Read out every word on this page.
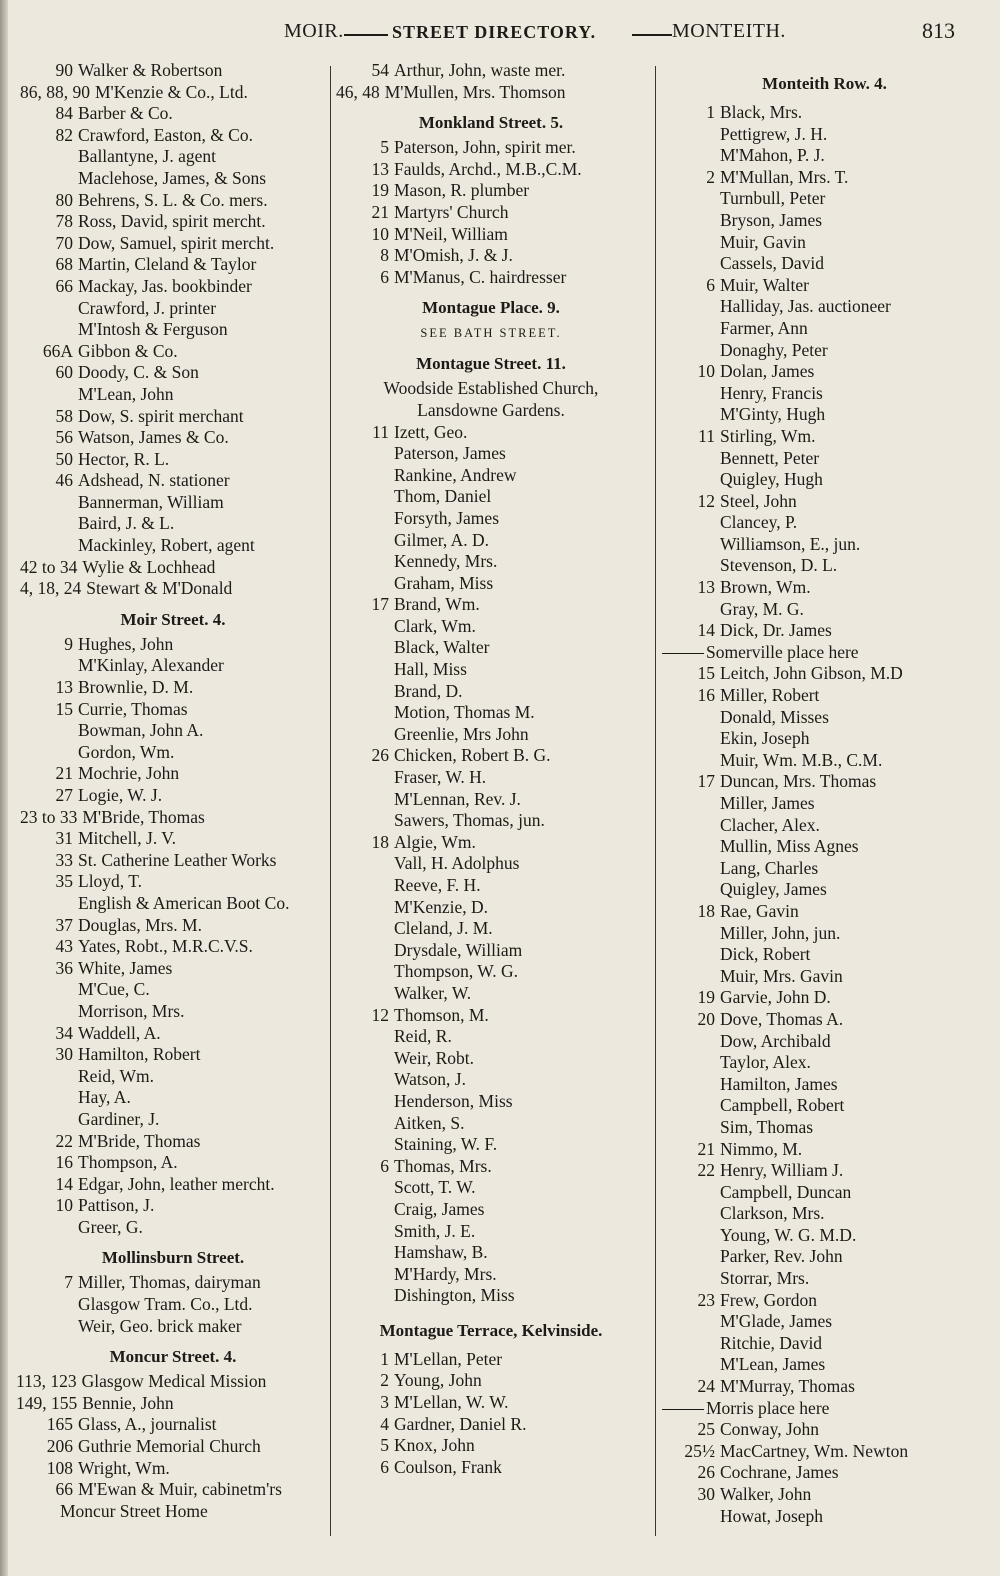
MOIR.	STREET DIRECTORY.	MONTEITH.	813
90 Walker & Robertson
86, 88, 90 M'Kenzie & Co., Ltd.
84 Barber & Co.
82 Crawford, Easton, & Co.
Ballantyne, J. agent
Maclehose, James, & Sons
80 Behrens, S. L. & Co. mers.
78 Ross, David, spirit mercht.
70 Dow, Samuel, spirit mercht.
68 Martin, Cleland & Taylor
66 Mackay, Jas. bookbinder
Crawford, J. printer
M'Intosh & Ferguson
66A Gibbon & Co.
60 Doody, C. & Son
M'Lean, John
58 Dow, S. spirit merchant
56 Watson, James & Co.
50 Hector, R. L.
46 Adshead, N. stationer
Bannerman, William
Baird, J. & L.
Mackinley, Robert, agent
42 to 34 Wylie & Lochhead
4, 18, 24 Stewart & M'Donald
Moir Street. 4.
9 Hughes, John
M'Kinlay, Alexander
13 Brownlie, D. M.
15 Currie, Thomas
Bowman, John A.
Gordon, Wm.
21 Mochrie, John
27 Logie, W. J.
23 to 33 M'Bride, Thomas
31 Mitchell, J. V.
33 St. Catherine Leather Works
35 Lloyd, T.
English & American Boot Co.
37 Douglas, Mrs. M.
43 Yates, Robt., M.R.C.V.S.
36 White, James
M'Cue, C.
Morrison, Mrs.
34 Waddell, A.
30 Hamilton, Robert
Reid, Wm.
Hay, A.
Gardiner, J.
22 M'Bride, Thomas
16 Thompson, A.
14 Edgar, John, leather mercht.
10 Pattison, J.
Greer, G.
Mollinsburn Street.
7 Miller, Thomas, dairyman
Glasgow Tram. Co., Ltd.
Weir, Geo. brick maker
Moncur Street. 4.
113, 123 Glasgow Medical Mission
149, 155 Bennie, John
165 Glass, A., journalist
206 Guthrie Memorial Church
108 Wright, Wm.
66 M'Ewan & Muir, cabinetm'rs
Moncur Street Home
54 Arthur, John, waste mer.
46, 48 M'Mullen, Mrs. Thomson
Monkland Street. 5.
5 Paterson, John, spirit mer.
13 Faulds, Archd., M.B.,C.M.
19 Mason, R. plumber
21 Martyrs' Church
10 M'Neil, William
8 M'Omish, J. & J.
6 M'Manus, C. hairdresser
Montague Place. 9.
SEE BATH STREET.
Montague Street. 11.
Woodside Established Church,
Lansdowne Gardens.
11 Izett, Geo.
Paterson, James
Rankine, Andrew
Thom, Daniel
Forsyth, James
Gilmer, A. D.
Kennedy, Mrs.
Graham, Miss
17 Brand, Wm.
Clark, Wm.
Black, Walter
Hall, Miss
Brand, D.
Motion, Thomas M.
Greenlie, Mrs John
26 Chicken, Robert B. G.
Fraser, W. H.
M'Lennan, Rev. J.
Sawers, Thomas, jun.
18 Algie, Wm.
Vall, H. Adolphus
Reeve, F. H.
M'Kenzie, D.
Cleland, J. M.
Drysdale, William
Thompson, W. G.
Walker, W.
12 Thomson, M.
Reid, R.
Weir, Robt.
Watson, J.
Henderson, Miss
Aitken, S.
Staining, W. F.
6 Thomas, Mrs.
Scott, T. W.
Craig, James
Smith, J. E.
Hamshaw, B.
M'Hardy, Mrs.
Dishington, Miss
Montague Terrace, Kelvinside.
1 M'Lellan, Peter
2 Young, John
3 M'Lellan, W. W.
4 Gardner, Daniel R.
5 Knox, John
6 Coulson, Frank
Monteith Row. 4.
1 Black, Mrs.
Pettigrew, J. H.
M'Mahon, P. J.
2 M'Mullan, Mrs. T.
Turnbull, Peter
Bryson, James
Muir, Gavin
Cassels, David
6 Muir, Walter
Halliday, Jas. auctioneer
Farmer, Ann
Donaghy, Peter
10 Dolan, James
Henry, Francis
M'Ginty, Hugh
11 Stirling, Wm.
Bennett, Peter
Quigley, Hugh
12 Steel, John
Clancey, P.
Williamson, E., jun.
Stevenson, D. L.
13 Brown, Wm.
Gray, M. G.
14 Dick, Dr. James
Somerville place here
15 Leitch, John Gibson, M.D
16 Miller, Robert
Donald, Misses
Ekin, Joseph
Muir, Wm. M.B., C.M.
17 Duncan, Mrs. Thomas
Miller, James
Clacher, Alex.
Mullin, Miss Agnes
Lang, Charles
Quigley, James
18 Rae, Gavin
Miller, John, jun.
Dick, Robert
Muir, Mrs. Gavin
19 Garvie, John D.
20 Dove, Thomas A.
Dow, Archibald
Taylor, Alex.
Hamilton, James
Campbell, Robert
Sim, Thomas
21 Nimmo, M.
22 Henry, William J.
Campbell, Duncan
Clarkson, Mrs.
Young, W. G. M.D.
Parker, Rev. John
Storrar, Mrs.
23 Frew, Gordon
M'Glade, James
Ritchie, David
M'Lean, James
24 M'Murray, Thomas
Morris place here
25 Conway, John
25½ MacCartney, Wm. Newton
26 Cochrane, James
30 Walker, John
Howat, Joseph
